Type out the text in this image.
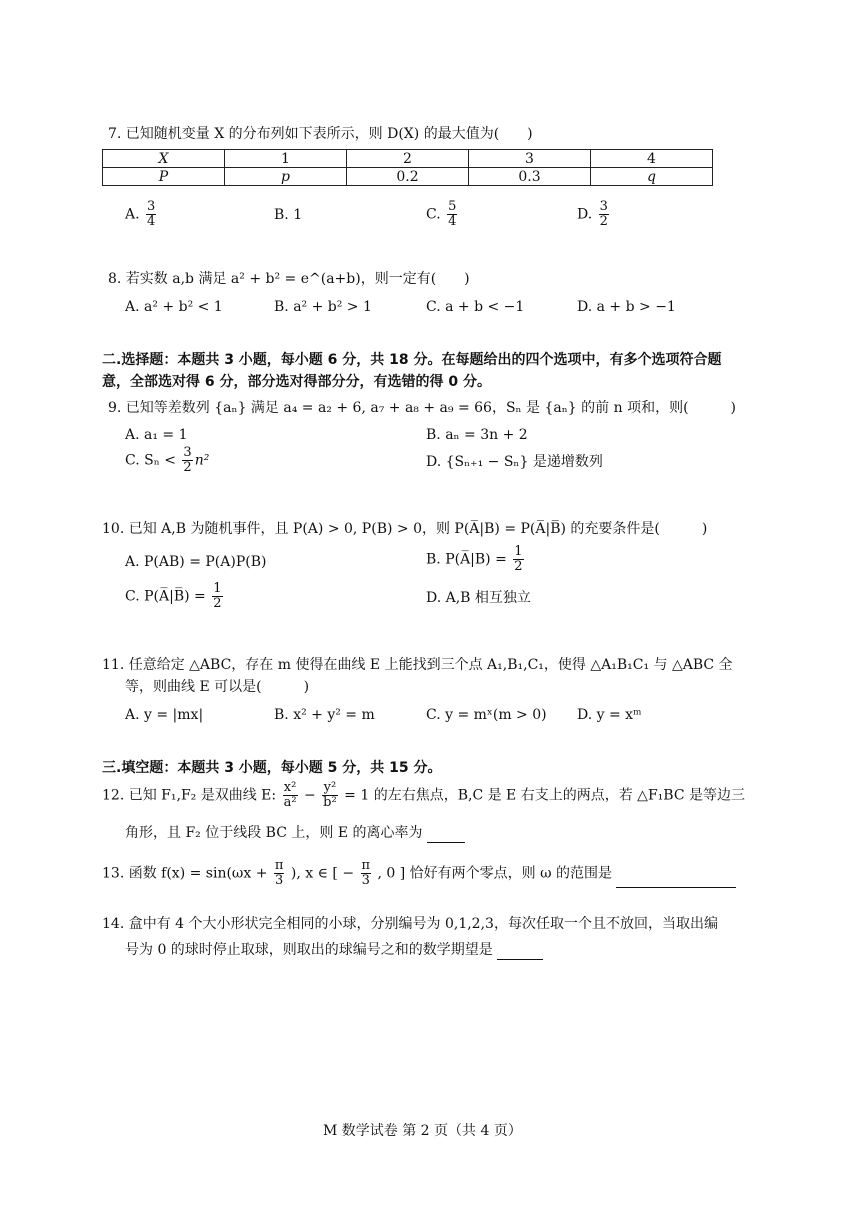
7. 已知随机变量 X 的分布列如下表所示，则 D(X) 的最大值为(　　)
X	1	2	3	4
P	p	0.2	0.3	q
A. $\frac{3}{4}$	B. 1	C. $\frac{5}{4}$	D. $\frac{3}{2}$
8. 若实数 a,b 满足 a² + b² = e^(a+b)，则一定有(　　)
A. a² + b² < 1	B. a² + b² > 1	C. a + b < −1	D. a + b > −1
二.选择题：本题共 3 小题，每小题 6 分，共 18 分。在每题给出的四个选项中，有多个选项符合题
意，全部选对得 6 分，部分选对得部分分，有选错的得 0 分。
9. 已知等差数列 {aₙ} 满足 a₄ = a₂ + 6, a₇ + a₈ + a₉ = 66，Sₙ 是 {aₙ} 的前 n 项和，则(　　　)
A. a₁ = 1	B. aₙ = 3n + 2
C. $S_n < \frac{3}{2} n^2$	D. {Sₙ₊₁ − Sₙ} 是递增数列
10. 已知 A,B 为随机事件，且 P(A) > 0, P(B) > 0，则 P(A̅|B) = P(A̅|B̅) 的充要条件是(　　　)
A. P(AB) = P(A)P(B)	B. P(A̅|B) = $\frac{1}{2}$
C. P(A̅|B̅) = $\frac{1}{2}$	D. A,B 相互独立
11. 任意给定 △ABC，存在 m 使得在曲线 E 上能找到三个点 A₁,B₁,C₁，使得 △A₁B₁C₁ 与 △ABC 全
等，则曲线 E 可以是(　　　)
A. y = |mx|	B. x² + y² = m	C. y = mˣ(m > 0) D. y = xᵐ
三.填空题：本题共 3 小题，每小题 5 分，共 15 分。
12. 已知 F₁,F₂ 是双曲线 E: $\frac{\text{x²}}{\text{a²}} - \frac{\text{y²}}{\text{b²}} = 1$ 的左右焦点，B,C 是 E 右支上的两点，若 △F₁BC 是等边三
角形，且 F₂ 位于线段 BC 上，则 E 的离心率为
13. 函数 $f(x) = \sin(\omega x + \frac{\pi}{3}$ ), x ∈ [ − $\frac{\pi}{3}$ , 0 ] 恰好有两个零点，则 ω 的范围是
14. 盒中有 4 个大小形状完全相同的小球，分别编号为 0,1,2,3，每次任取一个且不放回，当取出编
号为 0 的球时停止取球，则取出的球编号之和的数学期望是
M 数学试卷 第 2 页（共 4 页）
